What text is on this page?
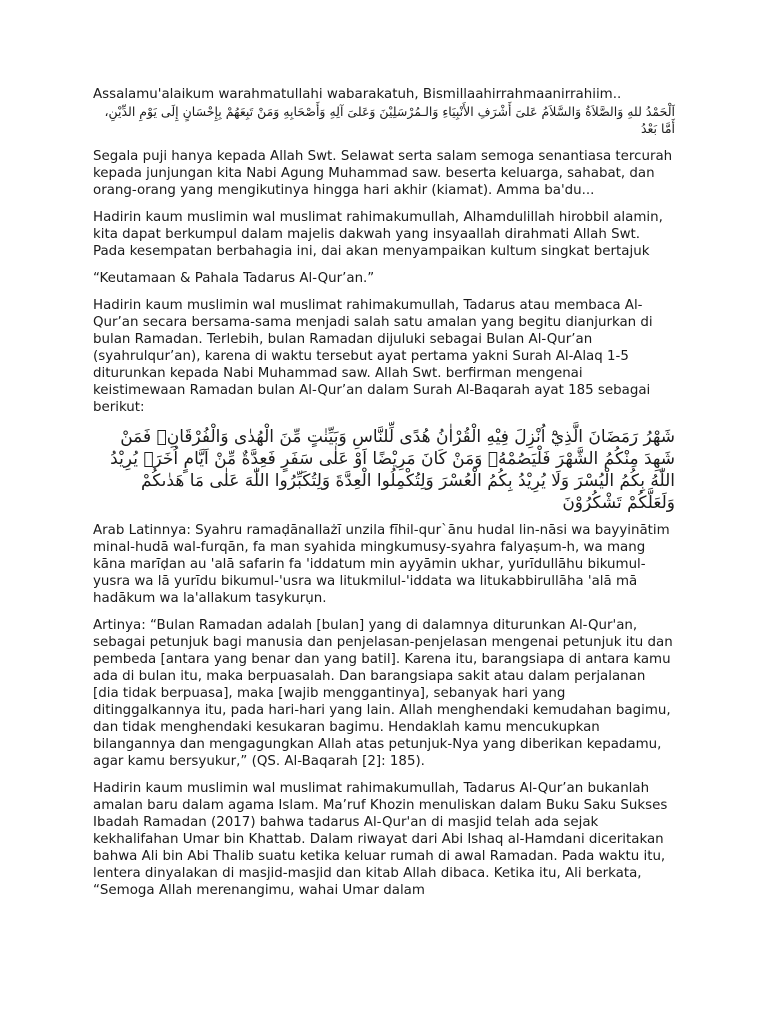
Assalamu'alaikum warahmatullahi wabarakatuh, Bismillaahirrahmaanirrahiim..

اَلْحَمْدُ للهِ وَالصَّلاَةُ وَالسَّلاَمُ عَلىَ أَشْرَفِ الأَنْبِيَاءِ وَالـمُرْسَلِيْنَ وَعَلىَ آلِهِ وَأَصْحَابِهِ وَمَنْ تَبِعَهُمْ بِإِحْسَانٍ إِلَى يَوْمِ الدِّيْنِ، أَمَّا بَعْدُ

Segala puji hanya kepada Allah Swt. Selawat serta salam semoga senantiasa tercurah kepada junjungan kita Nabi Agung Muhammad saw. beserta keluarga, sahabat, dan orang-orang yang mengikutinya hingga hari akhir (kiamat). Amma ba'du...

Hadirin kaum muslimin wal muslimat rahimakumullah, Alhamdulillah hirobbil alamin, kita dapat berkumpul dalam majelis dakwah yang insyaallah dirahmati Allah Swt. Pada kesempatan berbahagia ini, dai akan menyampaikan kultum singkat bertajuk

“Keutamaan & Pahala Tadarus Al-Qur’an.”

Hadirin kaum muslimin wal muslimat rahimakumullah, Tadarus atau membaca Al-Qur’an secara bersama-sama menjadi salah satu amalan yang begitu dianjurkan di bulan Ramadan. Terlebih, bulan Ramadan dijuluki sebagai Bulan Al-Qur’an (syahrulqur’an), karena di waktu tersebut ayat pertama yakni Surah Al-Alaq 1-5 diturunkan kepada Nabi Muhammad saw. Allah Swt. berfirman mengenai keistimewaan Ramadan bulan Al-Qur’an dalam Surah Al-Baqarah ayat 185 sebagai berikut:

شَهْرُ رَمَضَانَ الَّذِيْٓ اُنْزِلَ فِيْهِ الْقُرْاٰنُ هُدًى لِّلنَّاسِ وَبَيِّنٰتٍ مِّنَ الْهُدٰى وَالْفُرْقَانِۚ فَمَنْ شَهِدَ مِنْكُمُ الشَّهْرَ فَلْيَصُمْهُۗ وَمَنْ كَانَ مَرِيْضًا اَوْ عَلٰى سَفَرٍ فَعِدَّةٌ مِّنْ اَيَّامٍ اُخَرَۗ يُرِيْدُ اللّٰهُ بِكُمُ الْيُسْرَ وَلَا يُرِيْدُ بِكُمُ الْعُسْرَ وَلِتُكْمِلُوا الْعِدَّةَ وَلِتُكَبِّرُوا اللّٰهَ عَلٰى مَا هَدٰىكُمْ وَلَعَلَّكُمْ تَشْكُرُوْنَ

Arab Latinnya: Syahru ramaḍānallażī unzila fīhil-qur`ānu hudal lin-nāsi wa bayyinātim minal-hudā wal-furqān, fa man syahida mingkumusy-syahra falyaṣum-h, wa mang kāna marīḍan au 'alā safarin fa 'iddatum min ayyāmin ukhar, yurīdullāhu bikumul-yusra wa lā yurīdu bikumul-'usra wa litukmilul-'iddata wa litukabbirullāha 'alā mā hadākum wa la'allakum tasykurụn.

Artinya: “Bulan Ramadan adalah [bulan] yang di dalamnya diturunkan Al-Qur'an, sebagai petunjuk bagi manusia dan penjelasan-penjelasan mengenai petunjuk itu dan pembeda [antara yang benar dan yang batil]. Karena itu, barangsiapa di antara kamu ada di bulan itu, maka berpuasalah. Dan barangsiapa sakit atau dalam perjalanan [dia tidak berpuasa], maka [wajib menggantinya], sebanyak hari yang ditinggalkannya itu, pada hari-hari yang lain. Allah menghendaki kemudahan bagimu, dan tidak menghendaki kesukaran bagimu. Hendaklah kamu mencukupkan bilangannya dan mengagungkan Allah atas petunjuk-Nya yang diberikan kepadamu, agar kamu bersyukur,” (QS. Al-Baqarah [2]: 185).

Hadirin kaum muslimin wal muslimat rahimakumullah, Tadarus Al-Qur’an bukanlah amalan baru dalam agama Islam. Ma’ruf Khozin menuliskan dalam Buku Saku Sukses Ibadah Ramadan (2017) bahwa tadarus Al-Qur'an di masjid telah ada sejak kekhalifahan Umar bin Khattab. Dalam riwayat dari Abi Ishaq al-Hamdani diceritakan bahwa Ali bin Abi Thalib suatu ketika keluar rumah di awal Ramadan. Pada waktu itu, lentera dinyalakan di masjid-masjid dan kitab Allah dibaca. Ketika itu, Ali berkata, “Semoga Allah merenangimu, wahai Umar dalam
